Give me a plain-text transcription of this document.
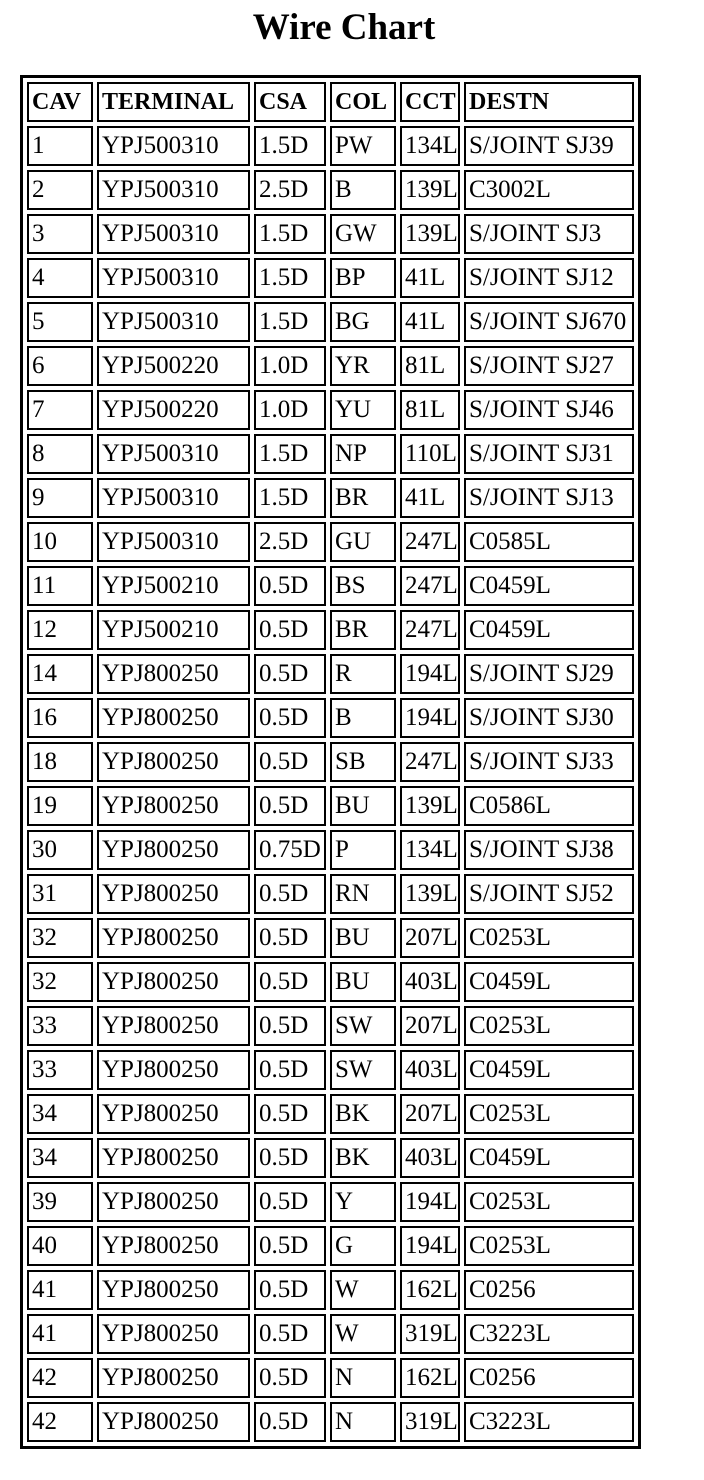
Wire Chart
CAV	TERMINAL	CSA	COL	CCT	DESTN
1	YPJ500310	1.5D	PW	134L	S/JOINT SJ39
2	YPJ500310	2.5D	B	139L	C3002L
3	YPJ500310	1.5D	GW	139L	S/JOINT SJ3
4	YPJ500310	1.5D	BP	41L	S/JOINT SJ12
5	YPJ500310	1.5D	BG	41L	S/JOINT SJ670
6	YPJ500220	1.0D	YR	81L	S/JOINT SJ27
7	YPJ500220	1.0D	YU	81L	S/JOINT SJ46
8	YPJ500310	1.5D	NP	110L	S/JOINT SJ31
9	YPJ500310	1.5D	BR	41L	S/JOINT SJ13
10	YPJ500310	2.5D	GU	247L	C0585L
11	YPJ500210	0.5D	BS	247L	C0459L
12	YPJ500210	0.5D	BR	247L	C0459L
14	YPJ800250	0.5D	R	194L	S/JOINT SJ29
16	YPJ800250	0.5D	B	194L	S/JOINT SJ30
18	YPJ800250	0.5D	SB	247L	S/JOINT SJ33
19	YPJ800250	0.5D	BU	139L	C0586L
30	YPJ800250	0.75D	P	134L	S/JOINT SJ38
31	YPJ800250	0.5D	RN	139L	S/JOINT SJ52
32	YPJ800250	0.5D	BU	207L	C0253L
32	YPJ800250	0.5D	BU	403L	C0459L
33	YPJ800250	0.5D	SW	207L	C0253L
33	YPJ800250	0.5D	SW	403L	C0459L
34	YPJ800250	0.5D	BK	207L	C0253L
34	YPJ800250	0.5D	BK	403L	C0459L
39	YPJ800250	0.5D	Y	194L	C0253L
40	YPJ800250	0.5D	G	194L	C0253L
41	YPJ800250	0.5D	W	162L	C0256
41	YPJ800250	0.5D	W	319L	C3223L
42	YPJ800250	0.5D	N	162L	C0256
42	YPJ800250	0.5D	N	319L	C3223L
